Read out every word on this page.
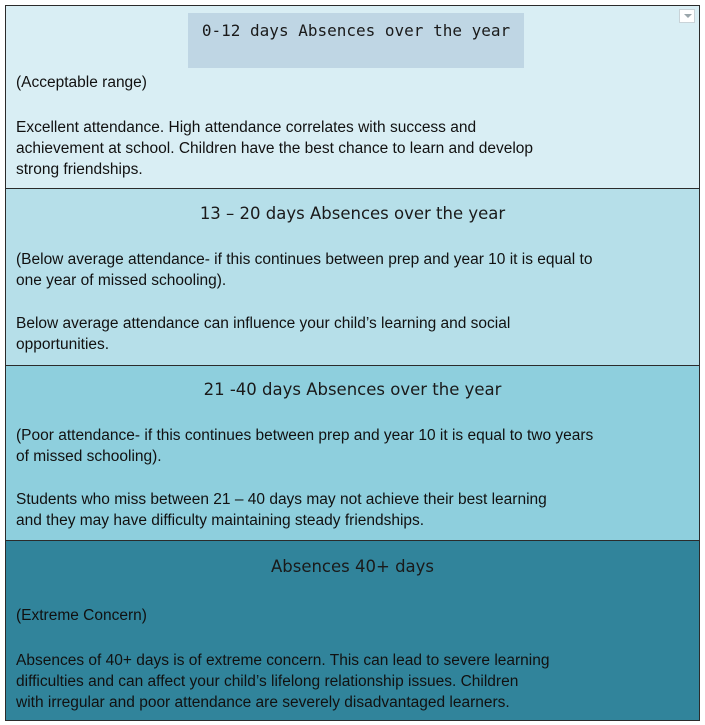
0-12 days Absences over the year
(Acceptable range)
Excellent attendance. High attendance correlates with success and
achievement at school. Children have the best chance to learn and develop
strong friendships.
13 – 20 days Absences over the year
(Below average attendance- if this continues between prep and year 10 it is equal to
one year of missed schooling).
Below average attendance can influence your child’s learning and social
opportunities.
21 -40 days Absences over the year
(Poor attendance- if this continues between prep and year 10 it is equal to two years
of missed schooling).
Students who miss between 21 – 40 days may not achieve their best learning
and they may have difficulty maintaining steady friendships.
Absences 40+ days
(Extreme Concern)
Absences of 40+ days is of extreme concern. This can lead to severe learning
difficulties and can affect your child’s lifelong relationship issues. Children
with irregular and poor attendance are severely disadvantaged learners.
